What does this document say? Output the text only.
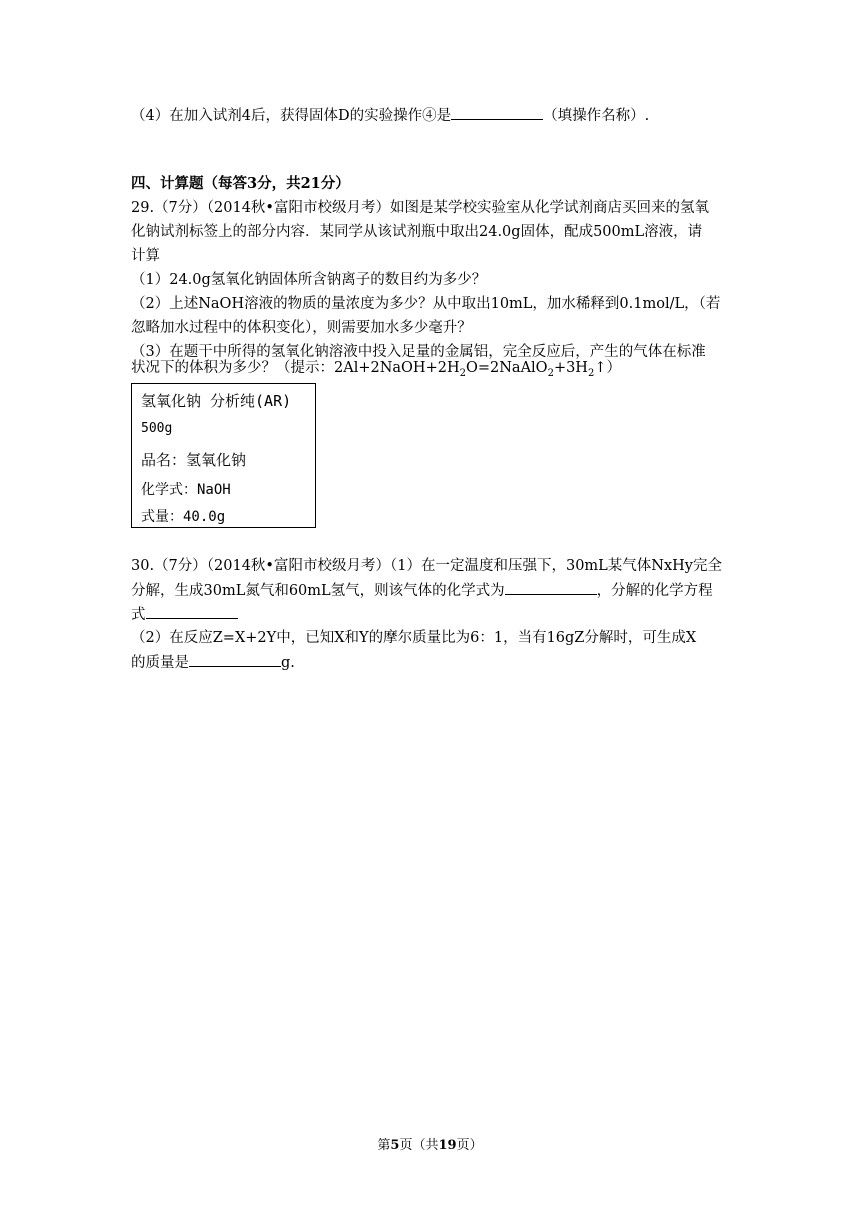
（4）在加入试剂4后，获得固体D的实验操作④是	（填操作名称）.
四、计算题（每答3分，共21分）
29.（7分）（2014秋•富阳市校级月考）如图是某学校实验室从化学试剂商店买回来的氢氧
化钠试剂标签上的部分内容．某同学从该试剂瓶中取出24.0g固体，配成500mL溶液，请
计算
（1）24.0g氢氧化钠固体所含钠离子的数目约为多少？
（2）上述NaOH溶液的物质的量浓度为多少？从中取出10mL，加水稀释到0.1mol/L，（若
忽略加水过程中的体积变化），则需要加水多少毫升？
（3）在题干中所得的氢氧化钠溶液中投入足量的金属铝，完全反应后，产生的气体在标准
状况下的体积为多少？（提示：$2Al+2NaOH+2H_2O=2NaAlO_2+3H_2↑$）
氢氧化钠 分析纯(AR)
500g
品名：氢氧化钠
化学式：NaOH
式量：40.0g
30.（7分）（2014秋•富阳市校级月考）（1）在一定温度和压强下，30mL某气体NxHy完全
分解，生成30mL氮气和60mL氢气，则该气体的化学式为	，分解的化学方程
式
（2）在反应Z=X+2Y中，已知X和Y的摩尔质量比为6：1，当有16gZ分解时，可生成X
的质量是	g.
第5页（共19页）
